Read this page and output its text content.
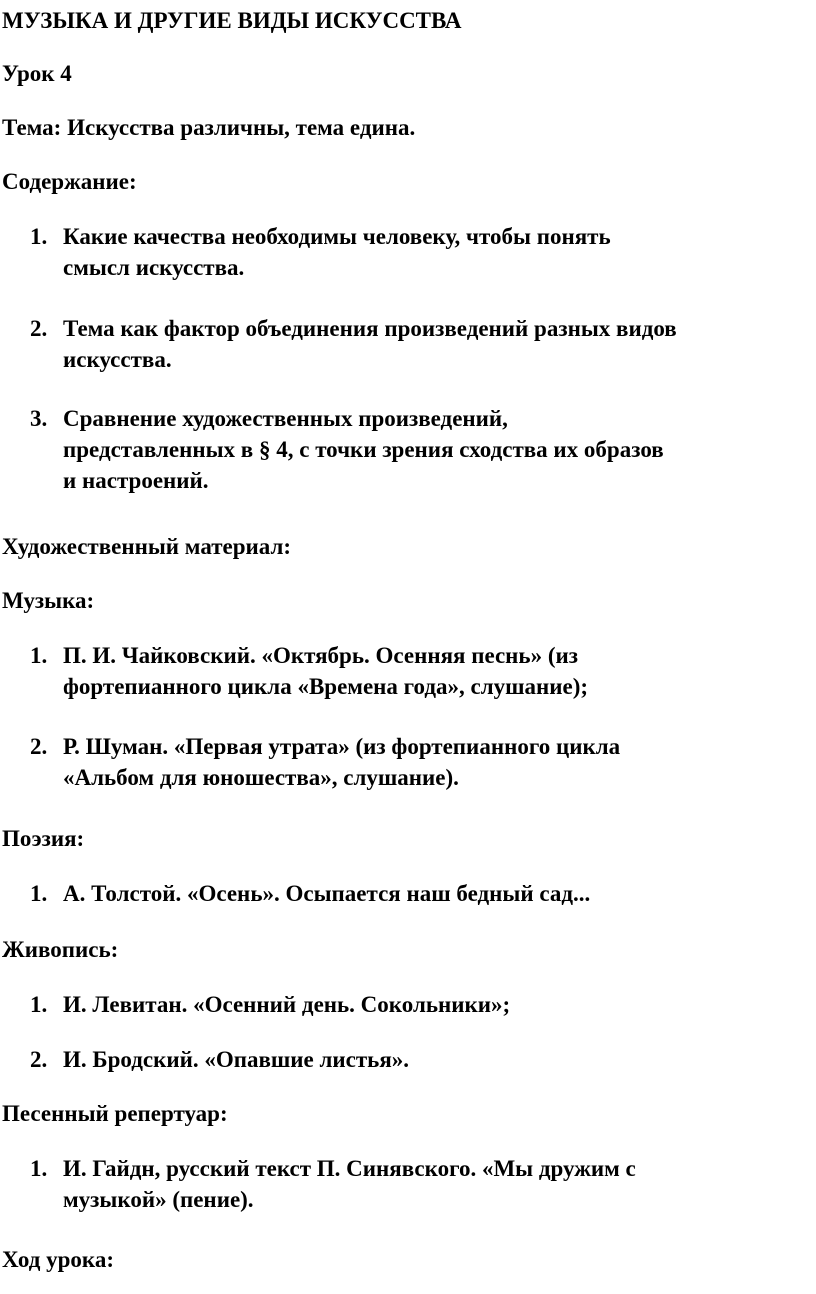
МУЗЫКА И ДРУГИЕ ВИДЫ ИСКУССТВА
Урок 4
Тема: Искусства различны, тема едина.
Содержание:
1. Какие качества необходимы человеку, чтобы понять
смысл искусства.
2. Тема как фактор объединения произведений разных видов
искусства.
3. Сравнение художественных произведений,
представленных в § 4, с точки зрения сходства их образов
и настроений.
Художественный материал:
Музыка:
1. П. И. Чайковский. «Октябрь. Осенняя песнь» (из
фортепианного цикла «Времена года», слушание);
2. Р. Шуман. «Первая утрата» (из фортепианного цикла
«Альбом для юношества», слушание).
Поэзия:
1. А. Толстой. «Осень». Осыпается наш бедный сад...
Живопись:
1. И. Левитан. «Осенний день. Сокольники»;
2. И. Бродский. «Опавшие листья».
Песенный репертуар:
1. И. Гайдн, русский текст П. Синявского. «Мы дружим с
музыкой» (пение).
Ход урока:
